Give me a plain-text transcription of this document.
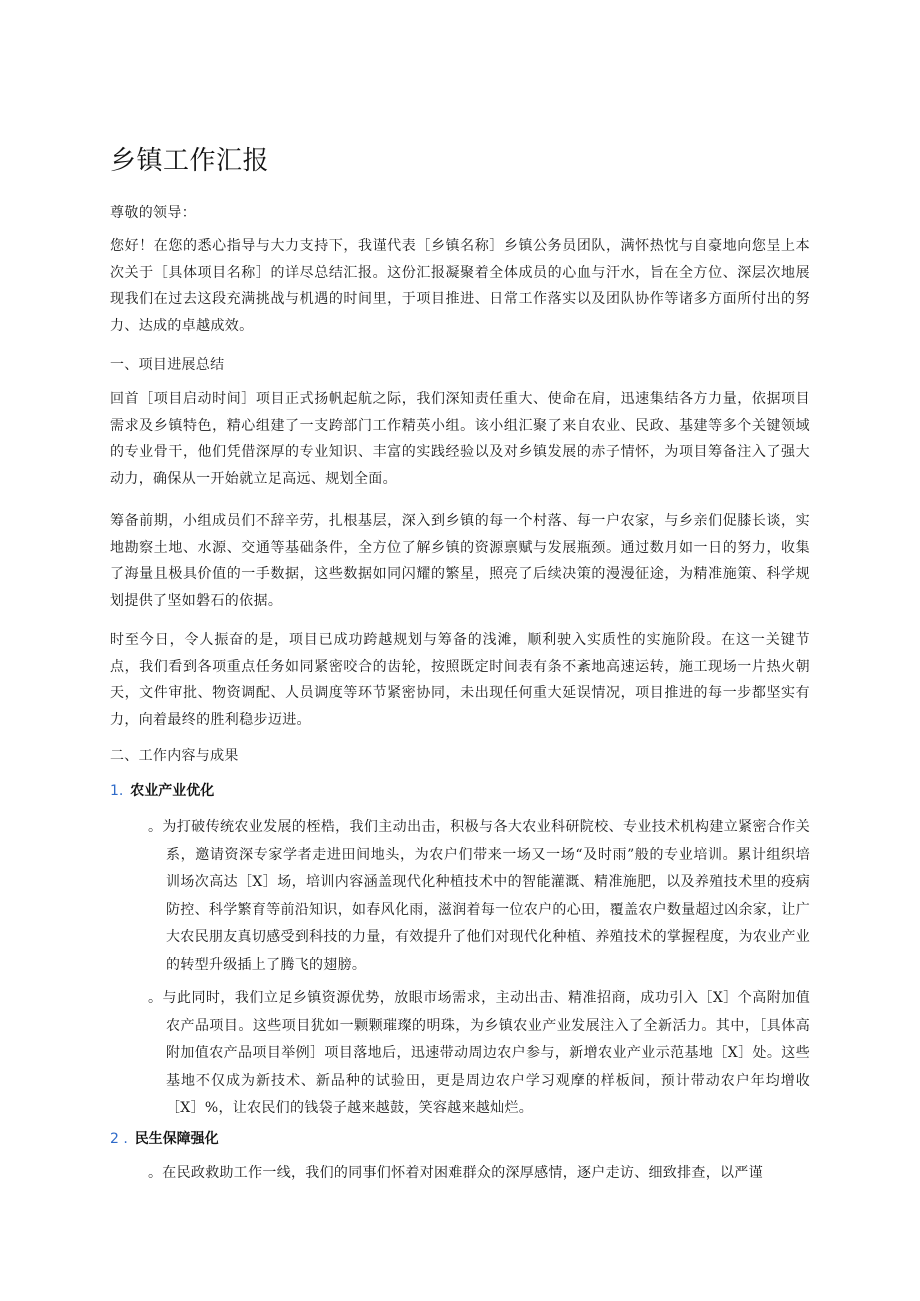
乡镇工作汇报

尊敬的领导：

您好！在您的悉心指导与大力支持下，我谨代表［乡镇名称］乡镇公务员团队，满怀热忱与自豪地向您呈上本次关于［具体项目名称］的详尽总结汇报。这份汇报凝聚着全体成员的心血与汗水，旨在全方位、深层次地展现我们在过去这段充满挑战与机遇的时间里，于项目推进、日常工作落实以及团队协作等诸多方面所付出的努力、达成的卓越成效。

一、项目进展总结

回首［项目启动时间］项目正式扬帆起航之际，我们深知责任重大、使命在肩，迅速集结各方力量，依据项目需求及乡镇特色，精心组建了一支跨部门工作精英小组。该小组汇聚了来自农业、民政、基建等多个关键领域的专业骨干，他们凭借深厚的专业知识、丰富的实践经验以及对乡镇发展的赤子情怀，为项目筹备注入了强大动力，确保从一开始就立足高远、规划全面。

筹备前期，小组成员们不辞辛劳，扎根基层，深入到乡镇的每一个村落、每一户农家，与乡亲们促膝长谈，实地勘察土地、水源、交通等基础条件，全方位了解乡镇的资源禀赋与发展瓶颈。通过数月如一日的努力，收集了海量且极具价值的一手数据，这些数据如同闪耀的繁星，照亮了后续决策的漫漫征途，为精准施策、科学规划提供了坚如磐石的依据。

时至今日，令人振奋的是，项目已成功跨越规划与筹备的浅滩，顺利驶入实质性的实施阶段。在这一关键节点，我们看到各项重点任务如同紧密咬合的齿轮，按照既定时间表有条不紊地高速运转，施工现场一片热火朝天，文件审批、物资调配、人员调度等环节紧密协同，未出现任何重大延误情况，项目推进的每一步都坚实有力，向着最终的胜利稳步迈进。

二、工作内容与成果

1. 农业产业优化

。为打破传统农业发展的桎梏，我们主动出击，积极与各大农业科研院校、专业技术机构建立紧密合作关系，邀请资深专家学者走进田间地头，为农户们带来一场又一场“及时雨”般的专业培训。累计组织培训场次高达［X］场，培训内容涵盖现代化种植技术中的智能灌溉、精准施肥，以及养殖技术里的疫病防控、科学繁育等前沿知识，如春风化雨，滋润着每一位农户的心田，覆盖农户数量超过凶余家，让广大农民朋友真切感受到科技的力量，有效提升了他们对现代化种植、养殖技术的掌握程度，为农业产业的转型升级插上了腾飞的翅膀。
。与此同时，我们立足乡镇资源优势，放眼市场需求，主动出击、精准招商，成功引入［X］个高附加值农产品项目。这些项目犹如一颗颗璀璨的明珠，为乡镇农业产业发展注入了全新活力。其中，［具体高附加值农产品项目举例］项目落地后，迅速带动周边农户参与，新增农业产业示范基地［X］处。这些基地不仅成为新技术、新品种的试验田，更是周边农户学习观摩的样板间，预计带动农户年均增收［X］%，让农民们的钱袋子越来越鼓，笑容越来越灿烂。

2 . 民生保障强化

。在民政救助工作一线，我们的同事们怀着对困难群众的深厚感情，逐户走访、细致排查，以严谨
